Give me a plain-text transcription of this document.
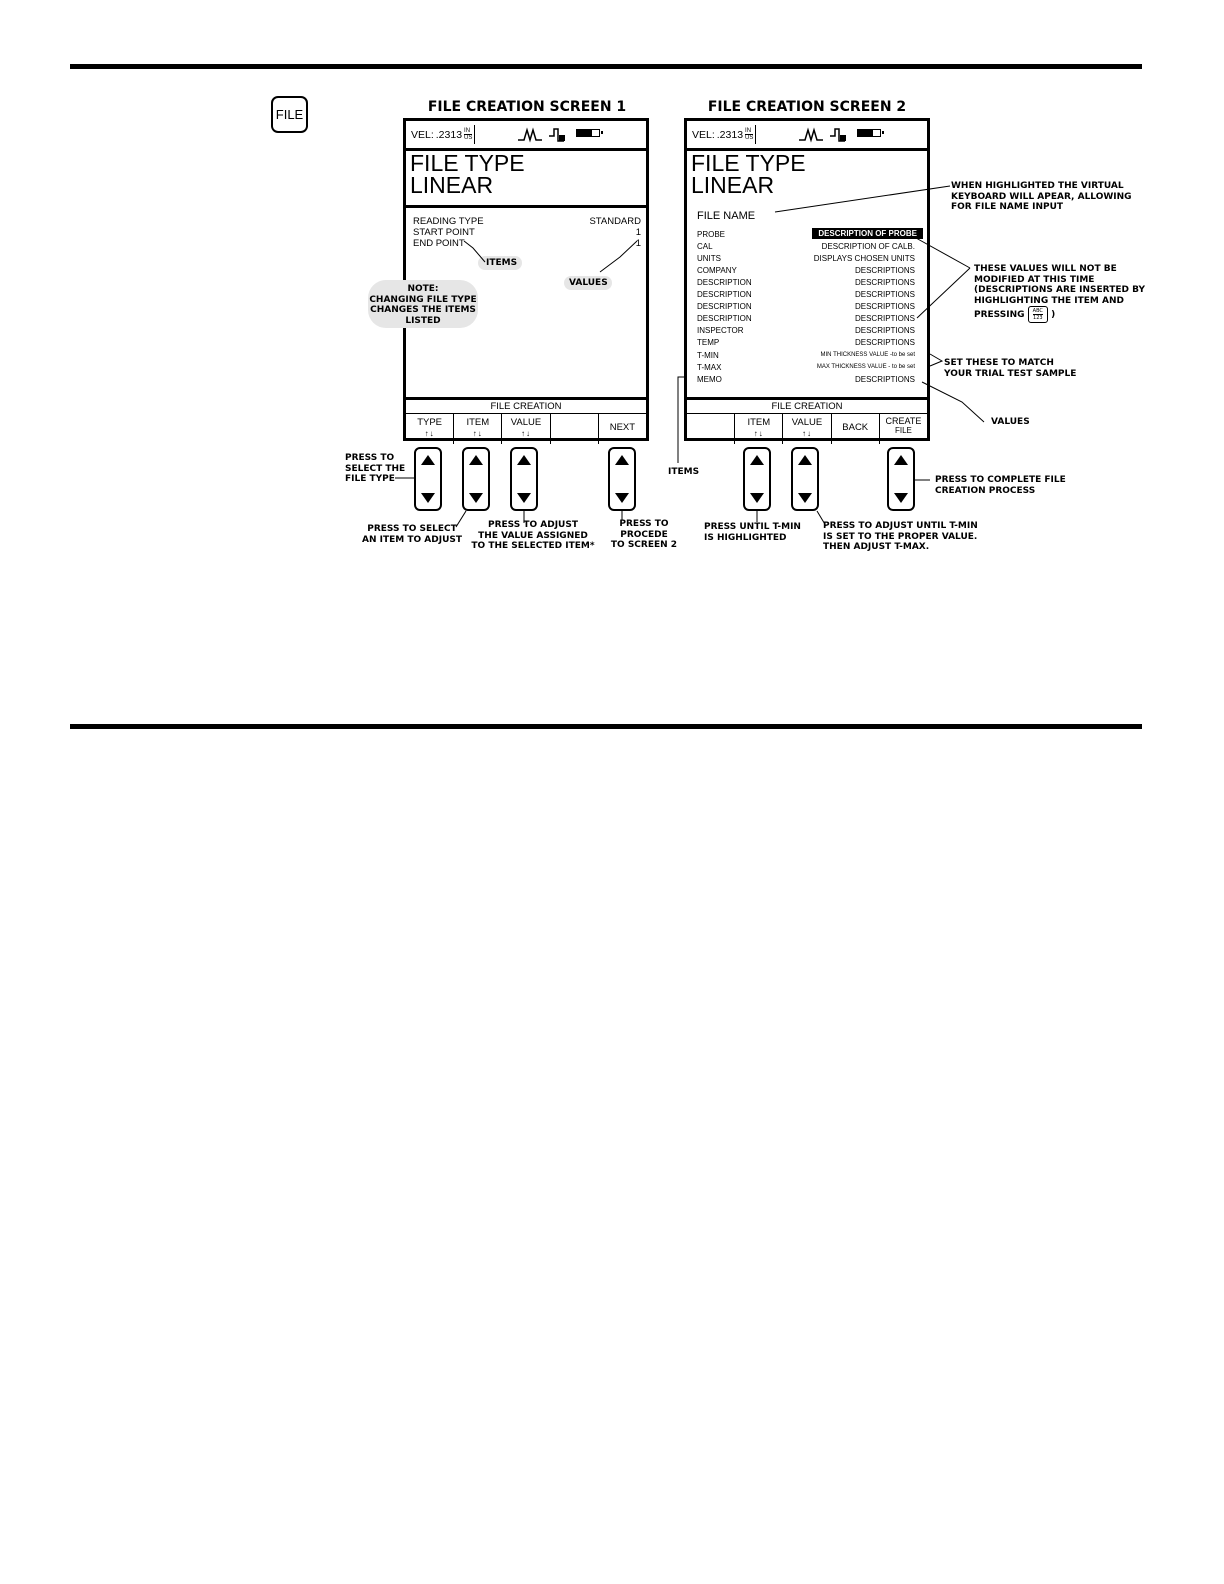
FILE	FILE CREATION SCREEN 1	FILE CREATION SCREEN 2
VEL: .2313 IN
US
FILE TYPE
LINEAR
READING TYPE	STANDARD
START POINT	1
END POINT	1
FILE CREATION
TYPE
↑↓
ITEM
↑↓
VALUE
↑↓
NEXT
VEL: .2313 IN
US
FILE TYPE
LINEAR
FILE NAME
PROBE	DESCRIPTION OF PROBE
CAL	DESCRIPTION OF CALB.
UNITS	DISPLAYS CHOSEN UNITS
COMPANY	DESCRIPTIONS
DESCRIPTION	DESCRIPTIONS
DESCRIPTION	DESCRIPTIONS
DESCRIPTION	DESCRIPTIONS
DESCRIPTION	DESCRIPTIONS
INSPECTOR	DESCRIPTIONS
TEMP	DESCRIPTIONS
T-MIN	MIN THICKNESS VALUE -to be set
T-MAX	MAX THICKNESS VALUE - to be set
MEMO	DESCRIPTIONS
FILE CREATION
ITEM
↑↓
VALUE
↑↓
BACK
CREATE
FILE
ITEMS
VALUES
NOTE:
CHANGING FILE TYPE
CHANGES THE ITEMS
LISTED
PRESS TO
SELECT THE
FILE TYPE
PRESS TO SELECT
AN ITEM TO ADJUST
PRESS TO ADJUST
THE VALUE ASSIGNED
TO THE SELECTED ITEM*
PRESS TO
PROCEDE
TO SCREEN 2
ITEMS
PRESS UNTIL T-MIN
IS HIGHLIGHTED
PRESS TO ADJUST UNTIL T-MIN
IS SET TO THE PROPER VALUE.
THEN ADJUST T-MAX.
PRESS TO COMPLETE FILE
CREATION PROCESS
WHEN HIGHLIGHTED THE VIRTUAL
KEYBOARD WILL APEAR, ALLOWING
FOR FILE NAME INPUT
THESE VALUES WILL NOT BE
MODIFIED AT THIS TIME
(DESCRIPTIONS ARE INSERTED BY
HIGHLIGHTING THE ITEM AND
PRESSING ABC
123 )
SET THESE TO MATCH
YOUR TRIAL TEST SAMPLE
VALUES
